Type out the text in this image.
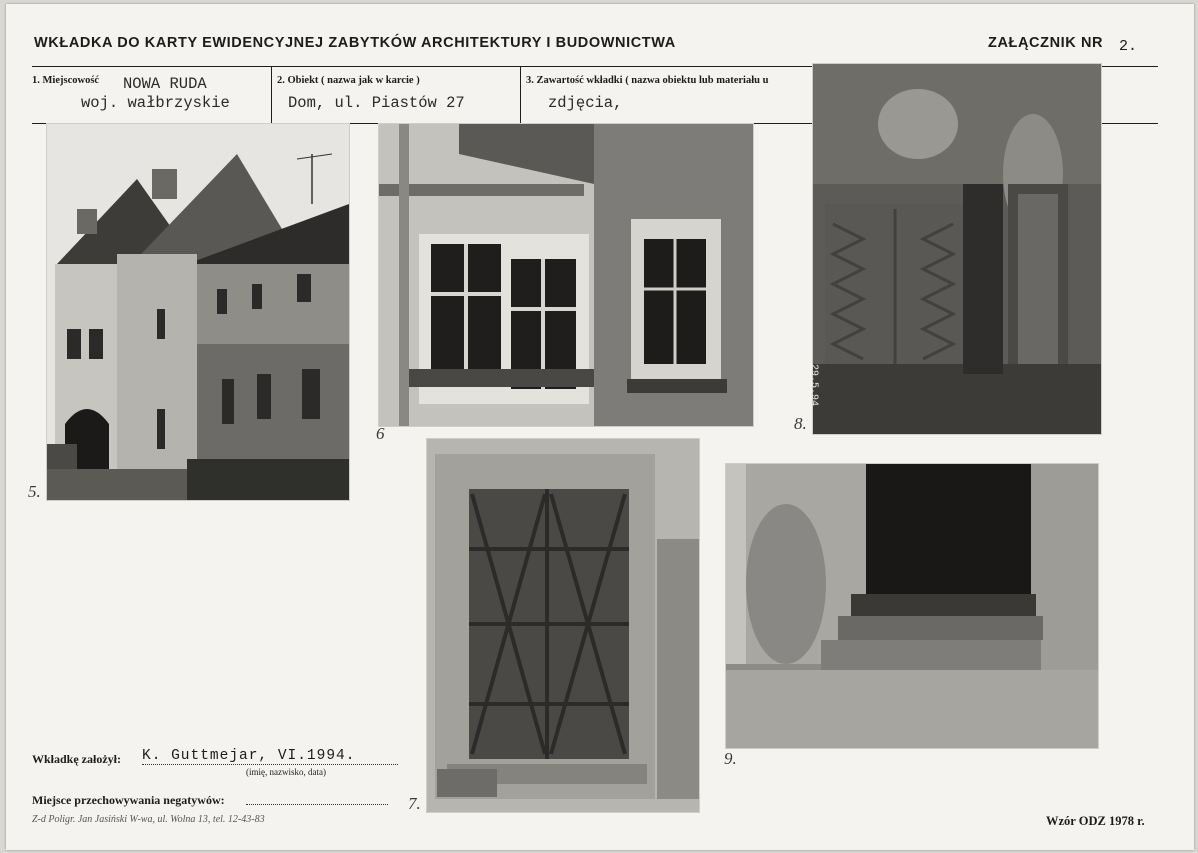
WKŁADKA DO KARTY EWIDENCYJNEJ ZABYTKÓW ARCHITEKTURY I BUDOWNICTWA	ZAŁĄCZNIK NR 2.
1. Miejscowość NOWA RUDA
woj. wałbrzyskie
2. Obiekt ( nazwa jak w karcie )
Dom, ul. Piastów 27
3. Zawartość wkładki ( nazwa obiektu lub materiału u
zdjęcia,
5.
6
29.5.94
8.
7.
9.
Wkładkę założył: K. Guttmejar, VI.1994.
(imię, nazwisko, data)
Miejsce przechowywania negatywów:
Z-d Poligr. Jan Jasiński W-wa, ul. Wolna 13, tel. 12-43-83	Wzór ODZ 1978 r.
